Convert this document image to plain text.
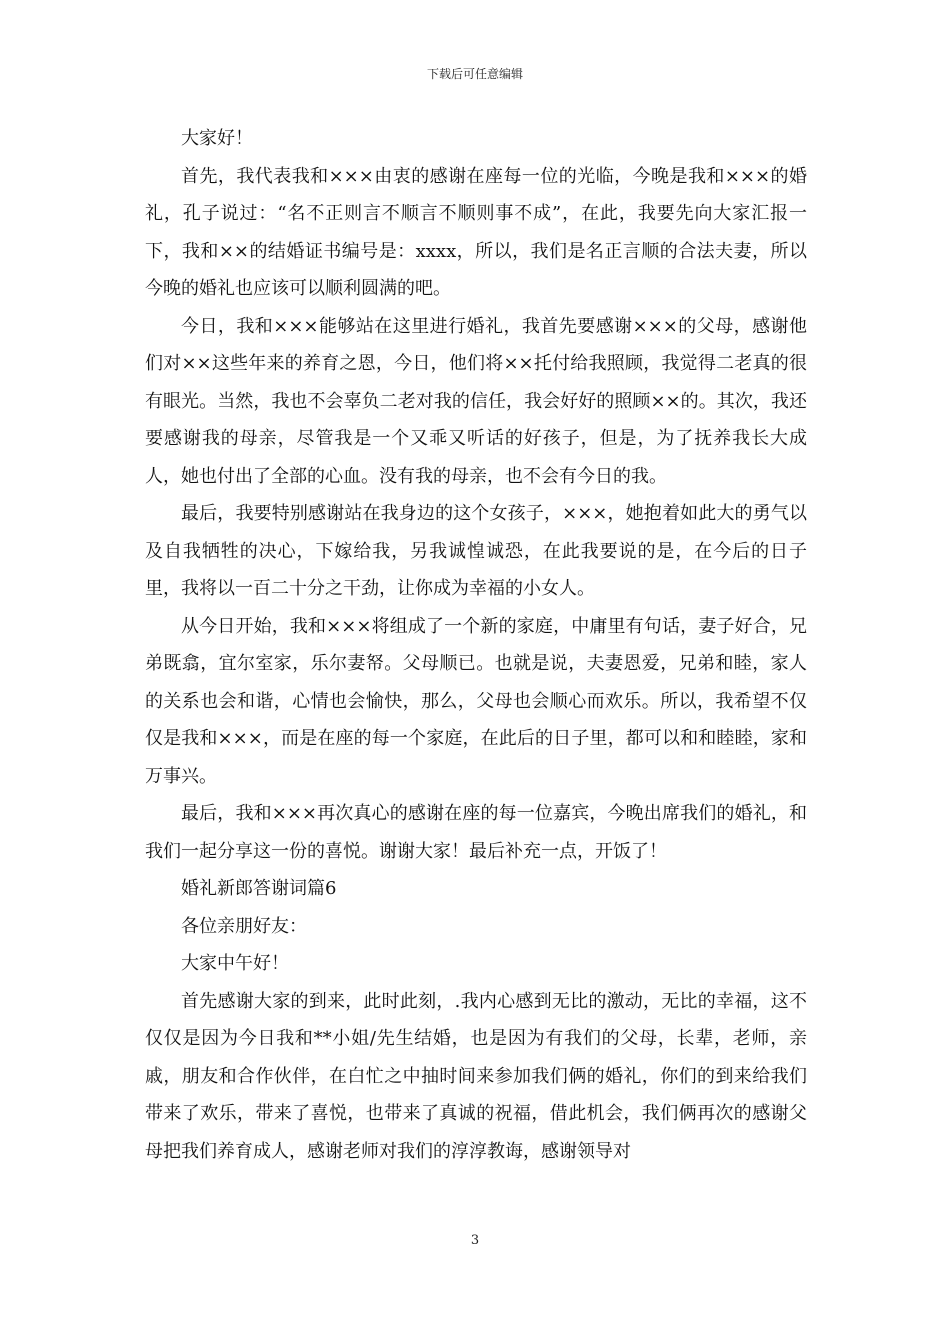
下载后可任意编辑

大家好！

首先，我代表我和×××由衷的感谢在座每一位的光临，今晚是我和×××的婚礼，孔子说过：“名不正则言不顺言不顺则事不成”，在此，我要先向大家汇报一下，我和××的结婚证书编号是：xxxx，所以，我们是名正言顺的合法夫妻，所以今晚的婚礼也应该可以顺利圆满的吧。

今日，我和×××能够站在这里进行婚礼，我首先要感谢×××的父母，感谢他们对××这些年来的养育之恩，今日，他们将××托付给我照顾，我觉得二老真的很有眼光。当然，我也不会辜负二老对我的信任，我会好好的照顾××的。其次，我还要感谢我的母亲，尽管我是一个又乖又听话的好孩子，但是，为了抚养我长大成人，她也付出了全部的心血。没有我的母亲，也不会有今日的我。

最后，我要特别感谢站在我身边的这个女孩子，×××，她抱着如此大的勇气以及自我牺牲的决心，下嫁给我，另我诚惶诚恐，在此我要说的是，在今后的日子里，我将以一百二十分之干劲，让你成为幸福的小女人。

从今日开始，我和×××将组成了一个新的家庭，中庸里有句话，妻子好合，兄弟既翕，宜尔室家，乐尔妻帑。父母顺已。也就是说，夫妻恩爱，兄弟和睦，家人的关系也会和谐，心情也会愉快，那么，父母也会顺心而欢乐。所以，我希望不仅仅是我和×××，而是在座的每一个家庭，在此后的日子里，都可以和和睦睦，家和万事兴。

最后，我和×××再次真心的感谢在座的每一位嘉宾，今晚出席我们的婚礼，和我们一起分享这一份的喜悦。谢谢大家！最后补充一点，开饭了！

婚礼新郎答谢词篇6

各位亲朋好友：

大家中午好！

首先感谢大家的到来，此时此刻，.我内心感到无比的激动，无比的幸福，这不仅仅是因为今日我和**小姐/先生结婚，也是因为有我们的父母，长辈，老师，亲戚，朋友和合作伙伴，在白忙之中抽时间来参加我们俩的婚礼，你们的到来给我们带来了欢乐，带来了喜悦，也带来了真诚的祝福，借此机会，我们俩再次的感谢父母把我们养育成人，感谢老师对我们的淳淳教诲，感谢领导对

3
